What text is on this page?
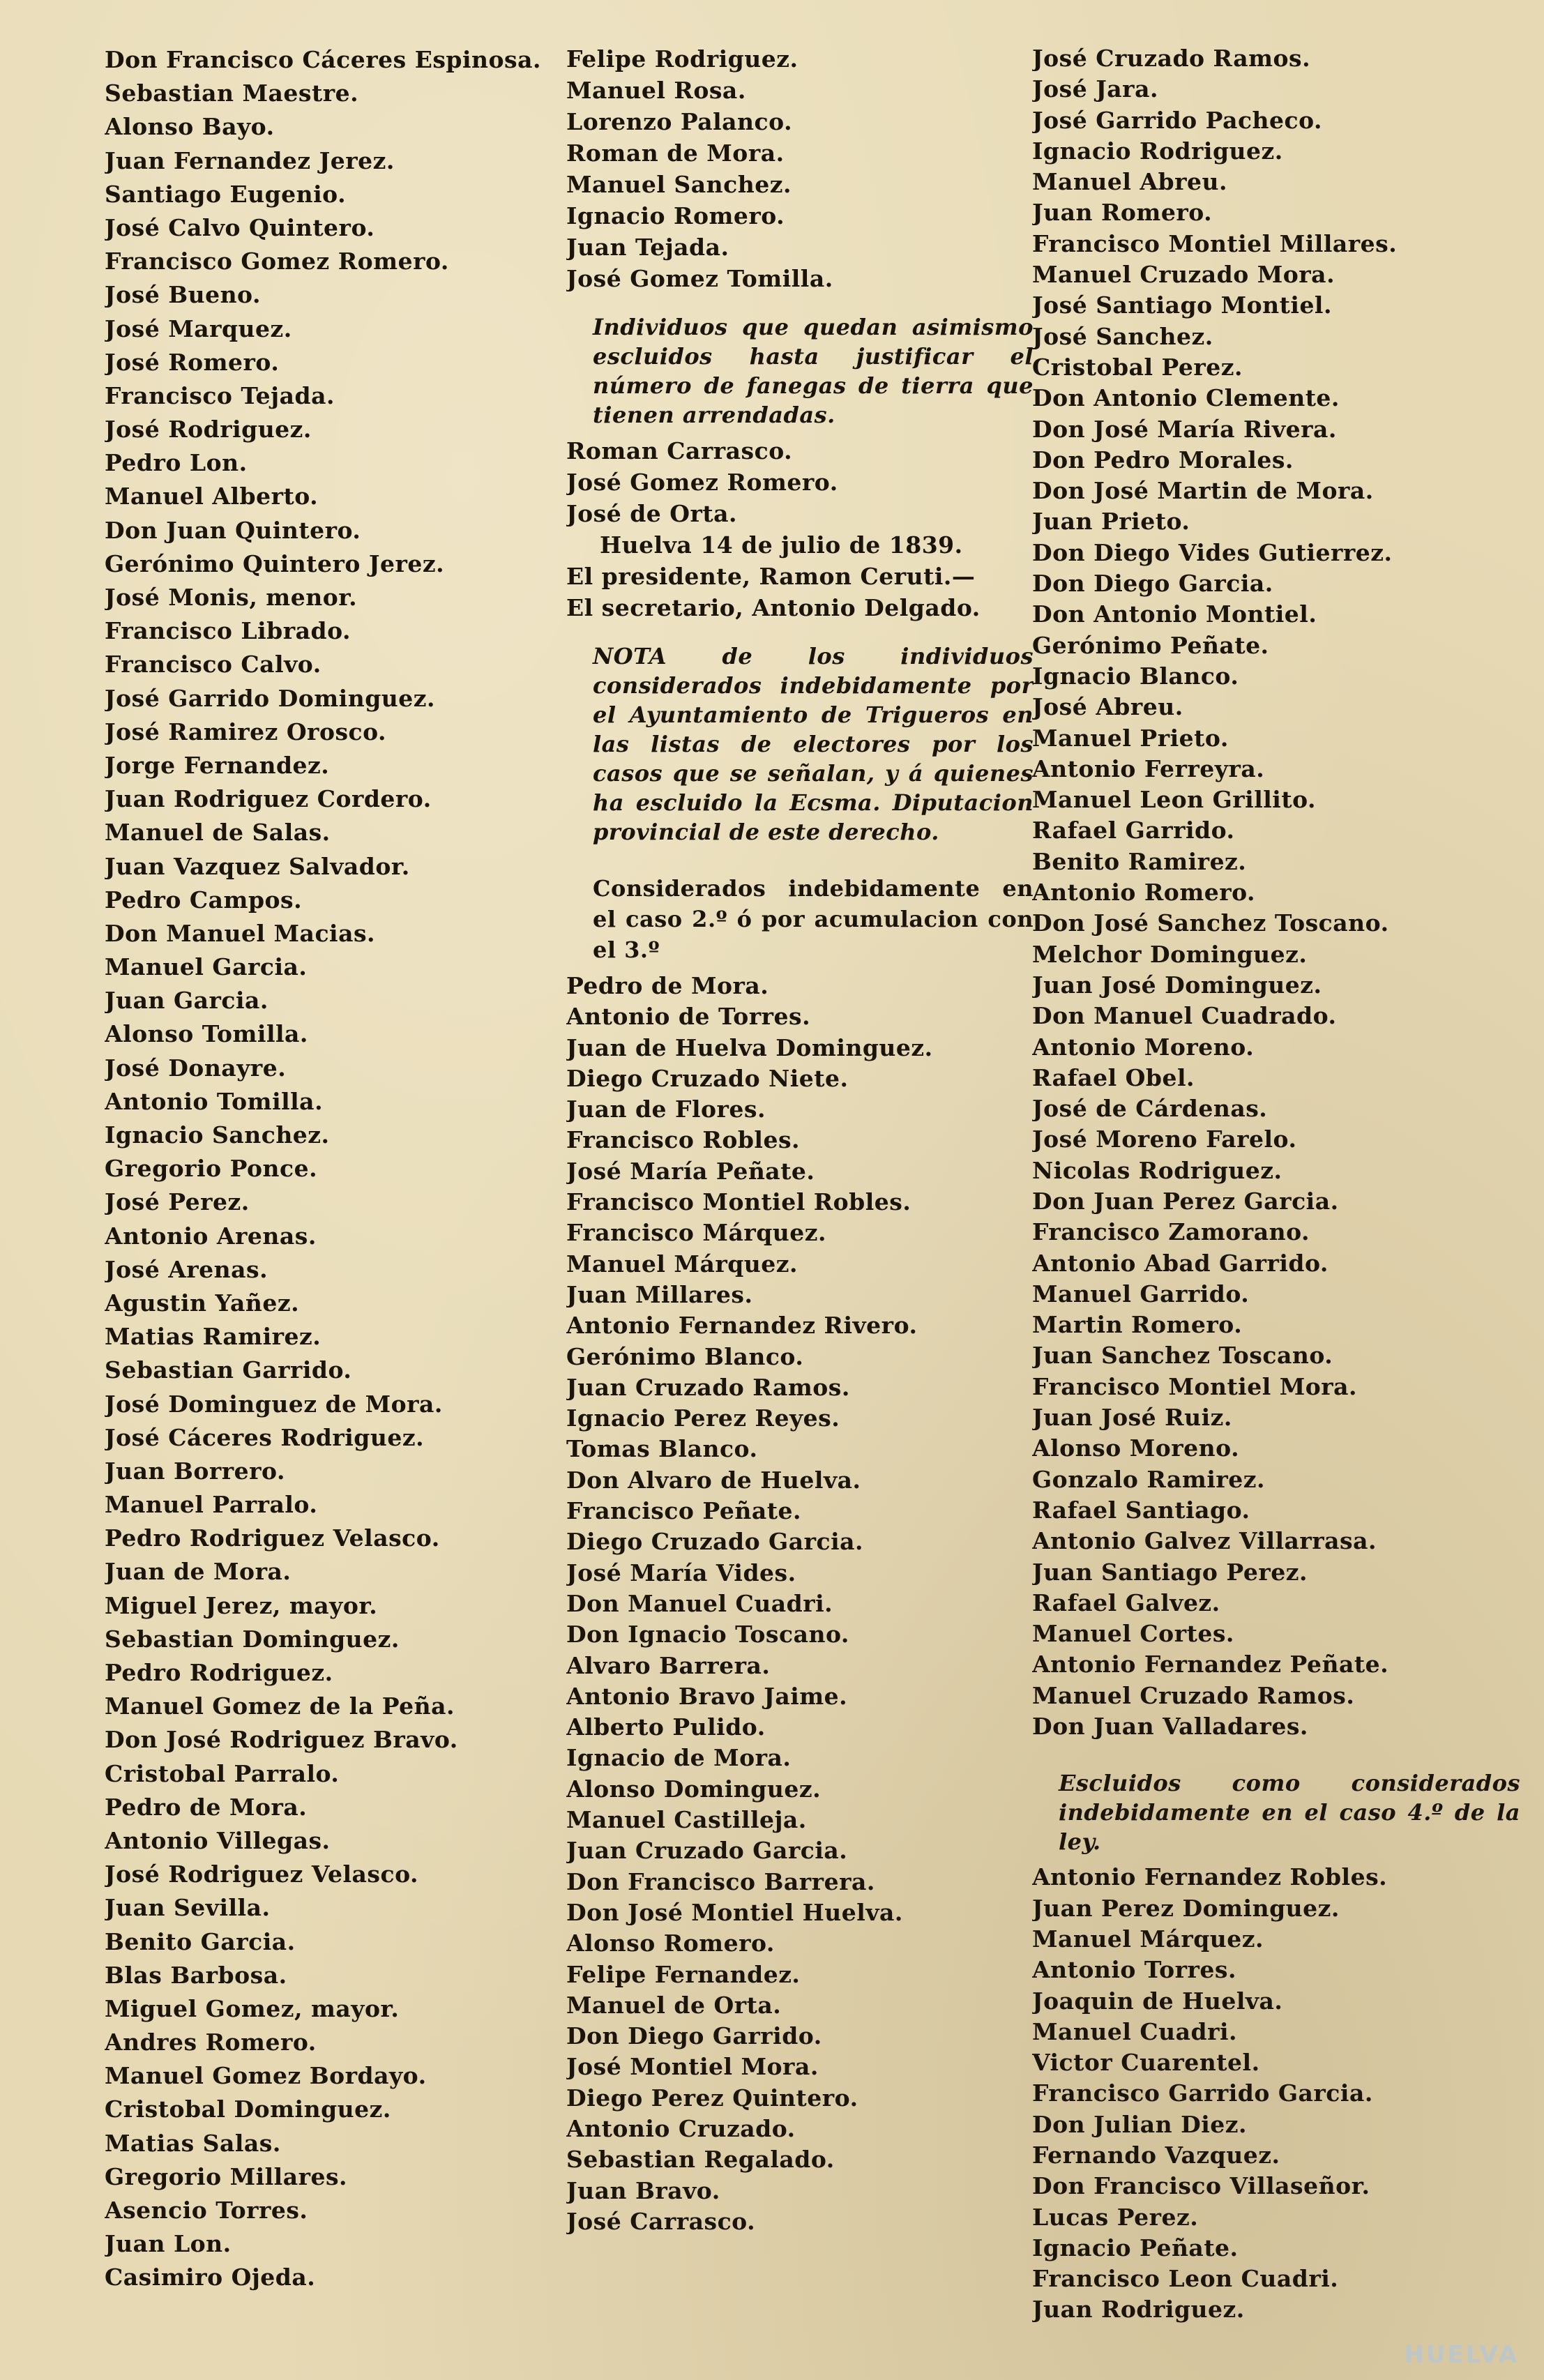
Don Francisco Cáceres Espinosa.
Sebastian Maestre.
Alonso Bayo.
Juan Fernandez Jerez.
Santiago Eugenio.
José Calvo Quintero.
Francisco Gomez Romero.
José Bueno.
José Marquez.
José Romero.
Francisco Tejada.
José Rodriguez.
Pedro Lon.
Manuel Alberto.
Don Juan Quintero.
Gerónimo Quintero Jerez.
José Monis, menor.
Francisco Librado.
Francisco Calvo.
José Garrido Dominguez.
José Ramirez Orosco.
Jorge Fernandez.
Juan Rodriguez Cordero.
Manuel de Salas.
Juan Vazquez Salvador.
Pedro Campos.
Don Manuel Macias.
Manuel Garcia.
Juan Garcia.
Alonso Tomilla.
José Donayre.
Antonio Tomilla.
Ignacio Sanchez.
Gregorio Ponce.
José Perez.
Antonio Arenas.
José Arenas.
Agustin Yañez.
Matias Ramirez.
Sebastian Garrido.
José Dominguez de Mora.
José Cáceres Rodriguez.
Juan Borrero.
Manuel Parralo.
Pedro Rodriguez Velasco.
Juan de Mora.
Miguel Jerez, mayor.
Sebastian Dominguez.
Pedro Rodriguez.
Manuel Gomez de la Peña.
Don José Rodriguez Bravo.
Cristobal Parralo.
Pedro de Mora.
Antonio Villegas.
José Rodriguez Velasco.
Juan Sevilla.
Benito Garcia.
Blas Barbosa.
Miguel Gomez, mayor.
Andres Romero.
Manuel Gomez Bordayo.
Cristobal Dominguez.
Matias Salas.
Gregorio Millares.
Asencio Torres.
Juan Lon.
Casimiro Ojeda.
Felipe Rodriguez.
Manuel Rosa.
Lorenzo Palanco.
Roman de Mora.
Manuel Sanchez.
Ignacio Romero.
Juan Tejada.
José Gomez Tomilla.
Individuos que quedan asimismo escluidos hasta justificar el número de fanegas de tierra que tienen arrendadas.
Roman Carrasco.
José Gomez Romero.
José de Orta.
Huelva 14 de julio de 1839.
El presidente, Ramon Ceruti.—
El secretario, Antonio Delgado.
NOTA de los individuos considerados indebidamente por el Ayuntamiento de Trigueros en las listas de electores por los casos que se señalan, y á quienes ha escluido la Ecsma. Diputacion provincial de este derecho.
Considerados indebidamente en el caso 2.º ó por acumulacion con el 3.º
Pedro de Mora.
Antonio de Torres.
Juan de Huelva Dominguez.
Diego Cruzado Niete.
Juan de Flores.
Francisco Robles.
José María Peñate.
Francisco Montiel Robles.
Francisco Márquez.
Manuel Márquez.
Juan Millares.
Antonio Fernandez Rivero.
Gerónimo Blanco.
Juan Cruzado Ramos.
Ignacio Perez Reyes.
Tomas Blanco.
Don Alvaro de Huelva.
Francisco Peñate.
Diego Cruzado Garcia.
José María Vides.
Don Manuel Cuadri.
Don Ignacio Toscano.
Alvaro Barrera.
Antonio Bravo Jaime.
Alberto Pulido.
Ignacio de Mora.
Alonso Dominguez.
Manuel Castilleja.
Juan Cruzado Garcia.
Don Francisco Barrera.
Don José Montiel Huelva.
Alonso Romero.
Felipe Fernandez.
Manuel de Orta.
Don Diego Garrido.
José Montiel Mora.
Diego Perez Quintero.
Antonio Cruzado.
Sebastian Regalado.
Juan Bravo.
José Carrasco.
José Cruzado Ramos.
José Jara.
José Garrido Pacheco.
Ignacio Rodriguez.
Manuel Abreu.
Juan Romero.
Francisco Montiel Millares.
Manuel Cruzado Mora.
José Santiago Montiel.
José Sanchez.
Cristobal Perez.
Don Antonio Clemente.
Don José María Rivera.
Don Pedro Morales.
Don José Martin de Mora.
Juan Prieto.
Don Diego Vides Gutierrez.
Don Diego Garcia.
Don Antonio Montiel.
Gerónimo Peñate.
Ignacio Blanco.
José Abreu.
Manuel Prieto.
Antonio Ferreyra.
Manuel Leon Grillito.
Rafael Garrido.
Benito Ramirez.
Antonio Romero.
Don José Sanchez Toscano.
Melchor Dominguez.
Juan José Dominguez.
Don Manuel Cuadrado.
Antonio Moreno.
Rafael Obel.
José de Cárdenas.
José Moreno Farelo.
Nicolas Rodriguez.
Don Juan Perez Garcia.
Francisco Zamorano.
Antonio Abad Garrido.
Manuel Garrido.
Martin Romero.
Juan Sanchez Toscano.
Francisco Montiel Mora.
Juan José Ruiz.
Alonso Moreno.
Gonzalo Ramirez.
Rafael Santiago.
Antonio Galvez Villarrasa.
Juan Santiago Perez.
Rafael Galvez.
Manuel Cortes.
Antonio Fernandez Peñate.
Manuel Cruzado Ramos.
Don Juan Valladares.
Escluidos como considerados indebidamente en el caso 4.º de la ley.
Antonio Fernandez Robles.
Juan Perez Dominguez.
Manuel Márquez.
Antonio Torres.
Joaquin de Huelva.
Manuel Cuadri.
Victor Cuarentel.
Francisco Garrido Garcia.
Don Julian Diez.
Fernando Vazquez.
Don Francisco Villaseñor.
Lucas Perez.
Ignacio Peñate.
Francisco Leon Cuadri.
Juan Rodriguez.
HUELVA
